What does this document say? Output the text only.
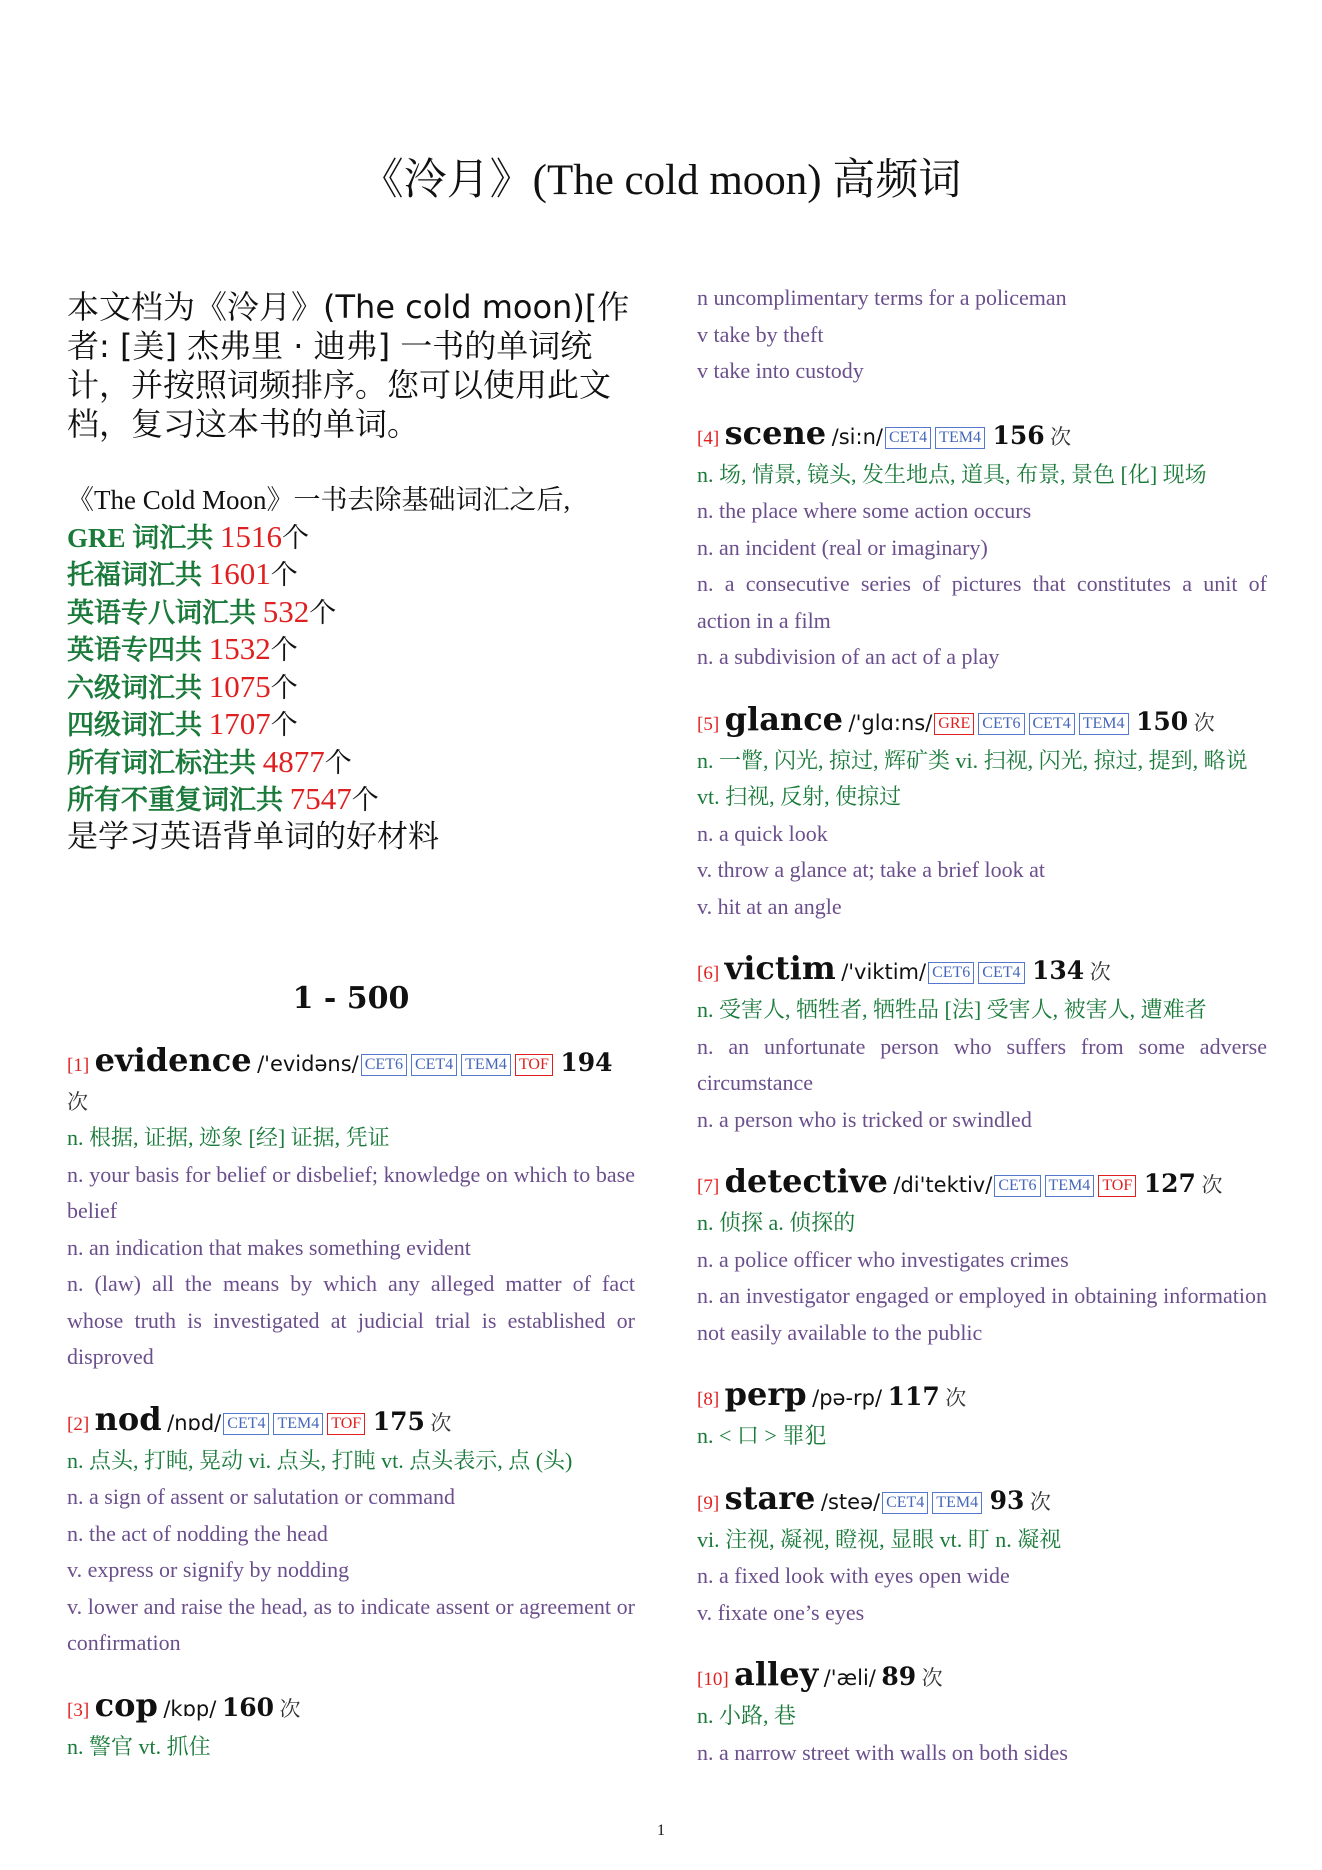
《泠月》(The cold moon) 高频词

本文档为《泠月》(The cold moon)[作者: [美] 杰弗里 · 迪弗] 一书的单词统计，并按照词频排序。您可以使用此文档，复习这本书的单词。

《The Cold Moon》一书去除基础词汇之后,
GRE 词汇共 1516个
托福词汇共 1601个
英语专八词汇共 532个
英语专四共 1532个
六级词汇共 1075个
四级词汇共 1707个
所有词汇标注共 4877个
所有不重复词汇共 7547个
是学习英语背单词的好材料
1 - 500
[1] evidence /'evidəns/ CET6 CET4 TEM4 TOF 194 次
n. 根据, 证据, 迹象 [经] 证据, 凭证
n. your basis for belief or disbelief; knowledge on which to base belief
n. an indication that makes something evident
n. (law) all the means by which any alleged matter of fact whose truth is investigated at judicial trial is established or disproved
[2] nod /nɒd/ CET4 TEM4 TOF 175 次
n. 点头, 打盹, 晃动 vi. 点头, 打盹 vt. 点头表示, 点 (头)
n. a sign of assent or salutation or command
n. the act of nodding the head
v. express or signify by nodding
v. lower and raise the head, as to indicate assent or agreement or confirmation
[3] cop /kɒp/ 160 次
n. 警官 vt. 抓住
n uncomplimentary terms for a policeman
v take by theft
v take into custody
[4] scene /si:n/ CET4 TEM4 156 次
n. 场, 情景, 镜头, 发生地点, 道具, 布景, 景色 [化] 现场
n. the place where some action occurs
n. an incident (real or imaginary)
n. a consecutive series of pictures that constitutes a unit of action in a film
n. a subdivision of an act of a play
[5] glance /'glɑ:ns/ GRE CET6 CET4 TEM4 150 次
n. 一瞥, 闪光, 掠过, 辉矿类 vi. 扫视, 闪光, 掠过, 提到, 略说 vt. 扫视, 反射, 使掠过
n. a quick look
v. throw a glance at; take a brief look at
v. hit at an angle
[6] victim /'viktim/ CET6 CET4 134 次
n. 受害人, 牺牲者, 牺牲品 [法] 受害人, 被害人, 遭难者
n. an unfortunate person who suffers from some adverse circumstance
n. a person who is tricked or swindled
[7] detective /di'tektiv/ CET6 TEM4 TOF 127 次
n. 侦探 a. 侦探的
n. a police officer who investigates crimes
n. an investigator engaged or employed in obtaining information not easily available to the public
[8] perp /pə-rp/ 117 次
n. < 口 > 罪犯
[9] stare /steə/ CET4 TEM4 93 次
vi. 注视, 凝视, 瞪视, 显眼 vt. 盯 n. 凝视
n. a fixed look with eyes open wide
v. fixate one’s eyes
[10] alley /'æli/ 89 次
n. 小路, 巷
n. a narrow street with walls on both sides
1
